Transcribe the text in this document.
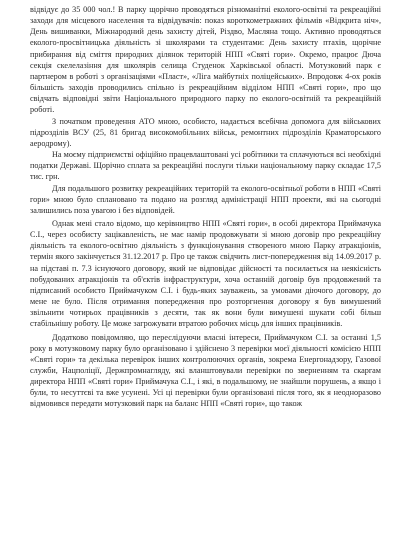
відвідує до 35 000 чол.! В парку щорічно проводяться різноманітні еколого-освітні та рекреаційні заходи для місцевого населення та відвідувачів: показ короткометражних фільмів «Відкрита ніч», День вишиванки, Міжнародний день захисту дітей, Різдво, Масляна тощо. Активно проводяться еколого-просвітницька діяльність зі школярами та студентами: День захисту птахів, щорічне прибирання від сміття природних ділянок територій НПП «Святі гори». Окремо, працює Дюча секція скелелазіння для школярів селища Студенок Харківської області. Мотузковий парк є партнером в роботі з організаціями «Пласт», «Ліга майбутніх поліцейських». Впродовж 4-ох років більшість заходів проводились спільно із рекреаційним відділом НПП «Святі гори», про що свідчать відповідні звіти Національного природного парку по еколого-освітній та рекреаційній роботі.

З початком проведення АТО мною, особисто, надається всебічна допомога для військових підрозділів ВСУ (25, 81 бригад високомобільних військ, ремонтних підрозділів Краматорського аеродрому).

На моєму підприємстві офіційно працевлаштовані усі робітники та сплачуються всі необхідні податки Державі. Щорічно сплата за рекреаційні послуги тільки національному парку складає 17,5 тис. грн.

Для подальшого розвитку рекреаційних територій та еколого-освітньої роботи в НПП «Святі гори» мною було сплановано та подано на розгляд адміністрації НПП проекти, які на сьогодні залишились поза увагою і без відповідей.

Однак мені стало відомо, що керівництво НПП «Святі гори», в особі директора Приймачука С.І., через особисту зацікавленість, не має намір продовжувати зі мною договір про рекреаційну діяльність та еколого-освітню діяльність з функціонування створеного мною Парку атракціонів, термін якого закінчується 31.12.2017 р. Про це також свідчить лист-попередження від 14.09.2017 р. на підставі п. 7.3 існуючого договору, який не відповідає дійсності та посилається на неякісність побудованих атракціонів та об'єктів інфраструктури, хоча останній договір був продовжений та підписаний особисто Приймачуком С.І. і будь-яких зауважень, за умовами діючого договору, до мене не було. Після отримання попередження про розторгнення договору я був вимушений звільнити чотирьох працівників з десяти, так як вони були вимушені шукати собі більш стабільнішу роботу. Це може загрожувати втратою робочих місць для інших працівників.

Додатково повідомляю, що переслідуючи власні інтереси, Приймачуком С.І. за останні 1,5 року в мотузковому парку було організовано і здійснено 3 перевірки моєї діяльності комісією НПП «Святі гори» та декілька перевірок інших контролюючих органів, зокрема Енергонадзору, Газової служби, Нацполіції, Держпромнагляду, які вланштовували перевірки по зверненням та скаргам директора НПП «Святі гори» Приймачука С.І., і які, в подальшому, не знайшли порушень, а якщо і були, то несуттєві та вже усунені. Усі ці перевірки були організовані після того, як я неодноразово відмовився передати мотузковий парк на баланс НПП «Святі гори», що також
